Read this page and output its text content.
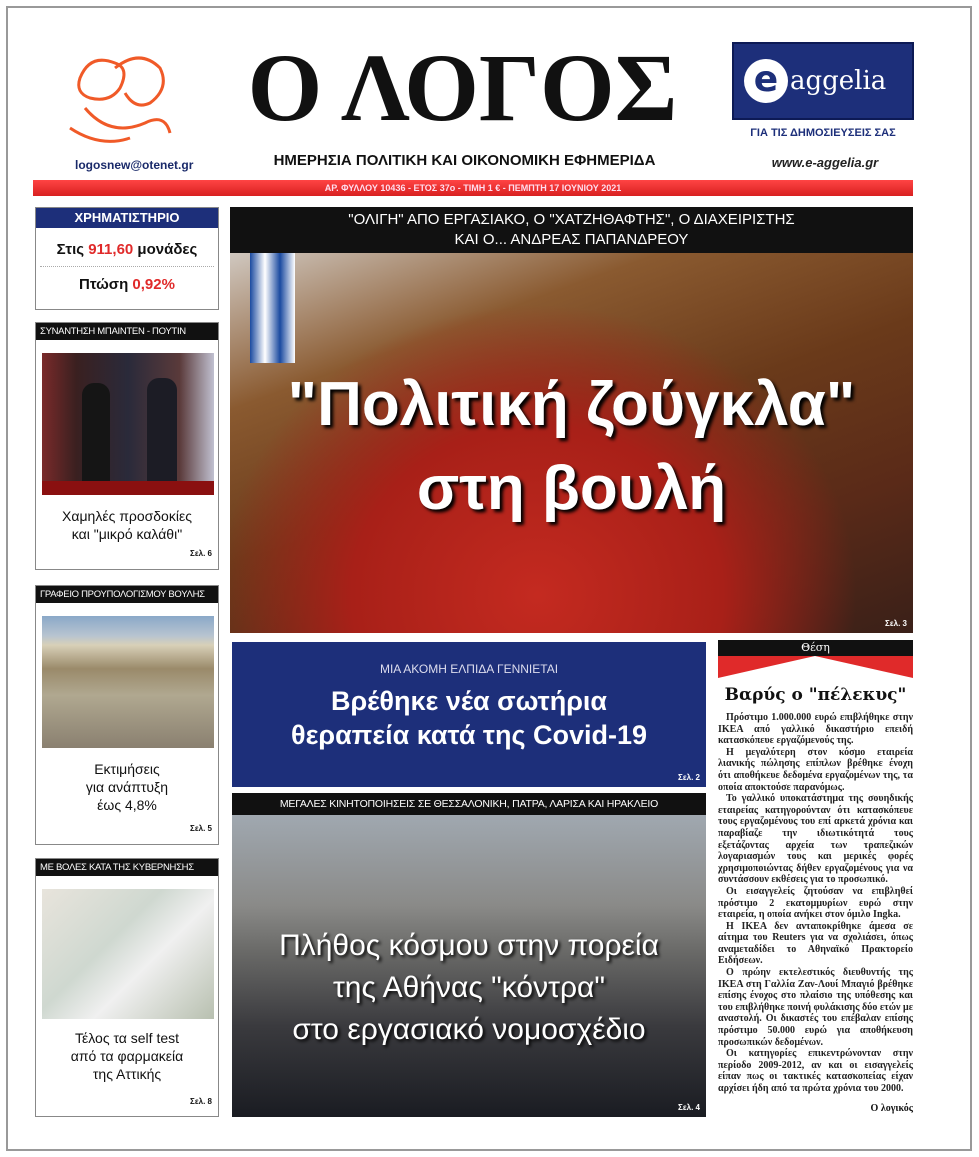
logosnew@otenet.gr
Ο ΛΟΓΟΣ
ΗΜΕΡΗΣΙΑ ΠΟΛΙΤΙΚΗ ΚΑΙ ΟΙΚΟΝΟΜΙΚΗ ΕΦΗΜΕΡΙΔΑ
e aggelia
ΓΙΑ ΤΙΣ ΔΗΜΟΣΙΕΥΣΕΙΣ ΣΑΣ
www.e-aggelia.gr
ΑΡ. ΦΥΛΛΟΥ 10436 - ΕΤΟΣ 37ο - ΤΙΜΗ 1 € - ΠΕΜΠΤΗ 17 ΙΟΥΝΙΟΥ 2021
ΧΡΗΜΑΤΙΣΤΗΡΙΟ
Στις 911,60 μονάδες
Πτώση 0,92%
ΣΥΝΑΝΤΗΣΗ ΜΠΑΙΝΤΕΝ - ΠΟΥΤΙΝ
Χαμηλές προσδοκίες
και "μικρό καλάθι"
Σελ. 6
ΓΡΑΦΕΙΟ ΠΡΟΥΠΟΛΟΓΙΣΜΟΥ ΒΟΥΛΗΣ
Εκτιμήσεις
για ανάπτυξη
έως 4,8%
Σελ. 5
ΜΕ ΒΟΛΕΣ ΚΑΤΑ ΤΗΣ ΚΥΒΕΡΝΗΣΗΣ
Τέλος τα self test
από τα φαρμακεία
της Αττικής
Σελ. 8
"ΟΛΙΓΗ" ΑΠΟ ΕΡΓΑΣΙΑΚΟ, Ο "ΧΑΤΖΗΘΑΦΤΗΣ", Ο ΔΙΑΧΕΙΡΙΣΤΗΣ
ΚΑΙ Ο... ΑΝΔΡΕΑΣ ΠΑΠΑΝΔΡΕΟΥ
"Πολιτική ζούγκλα"
στη βουλή
Σελ. 3
ΜΙΑ ΑΚΟΜΗ ΕΛΠΙΔΑ ΓΕΝΝΙΕΤΑΙ
Βρέθηκε νέα σωτήρια
θεραπεία κατά της Covid-19
Σελ. 2
ΜΕΓΑΛΕΣ ΚΙΝΗΤΟΠΟΙΗΣΕΙΣ ΣΕ ΘΕΣΣΑΛΟΝΙΚΗ, ΠΑΤΡΑ, ΛΑΡΙΣΑ ΚΑΙ ΗΡΑΚΛΕΙΟ
Πλήθος κόσμου στην πορεία
της Αθήνας "κόντρα"
στο εργασιακό νομοσχέδιο
Σελ. 4
Θέση
Βαρύς ο "πέλεκυς"

Πρόστιμο 1.000.000 ευρώ επιβλήθηκε στην ΙΚΕΑ από γαλλικό δικαστήριο επειδή κατασκόπευε εργαζόμενούς της.

Η μεγαλύτερη στον κόσμο εταιρεία λιανικής πώλησης επίπλων βρέθηκε ένοχη ότι αποθήκευε δεδομένα εργαζομένων της, τα οποία αποκτούσε παρανόμως.

Το γαλλικό υποκατάστημα της σουηδικής εταιρείας κατηγορούνταν ότι κατασκόπευε τους εργαζομένους του επί αρκετά χρόνια και παραβίαζε την ιδιωτικότητά τους εξετάζοντας αρχεία των τραπεζικών λογαριασμών τους και μερικές φορές χρησιμοποιώντας δήθεν εργαζομένους για να συντάσσουν εκθέσεις για το προσωπικό.

Οι εισαγγελείς ζητούσαν να επιβληθεί πρόστιμο 2 εκατομμυρίων ευρώ στην εταιρεία, η οποία ανήκει στον όμιλο Ingka.

Η ΙΚΕΑ δεν ανταποκρίθηκε άμεσα σε αίτημα του Reuters για να σχολιάσει, όπως αναμεταδίδει το Αθηναϊκό Πρακτορείο Ειδήσεων.

Ο πρώην εκτελεστικός διευθυντής της ΙΚΕΑ στη Γαλλία Ζαν-Λουί Μπαγιό βρέθηκε επίσης ένοχος στο πλαίσιο της υπόθεσης και του επιβλήθηκε ποινή φυλάκισης δύο ετών με αναστολή. Οι δικαστές του επέβαλαν επίσης πρόστιμο 50.000 ευρώ για αποθήκευση προσωπικών δεδομένων.

Οι κατηγορίες επικεντρώνονταν στην περίοδο 2009-2012, αν και οι εισαγγελείς είπαν πως οι τακτικές κατασκοπείας είχαν αρχίσει ήδη από τα πρώτα χρόνια του 2000.

Ο λογικός
